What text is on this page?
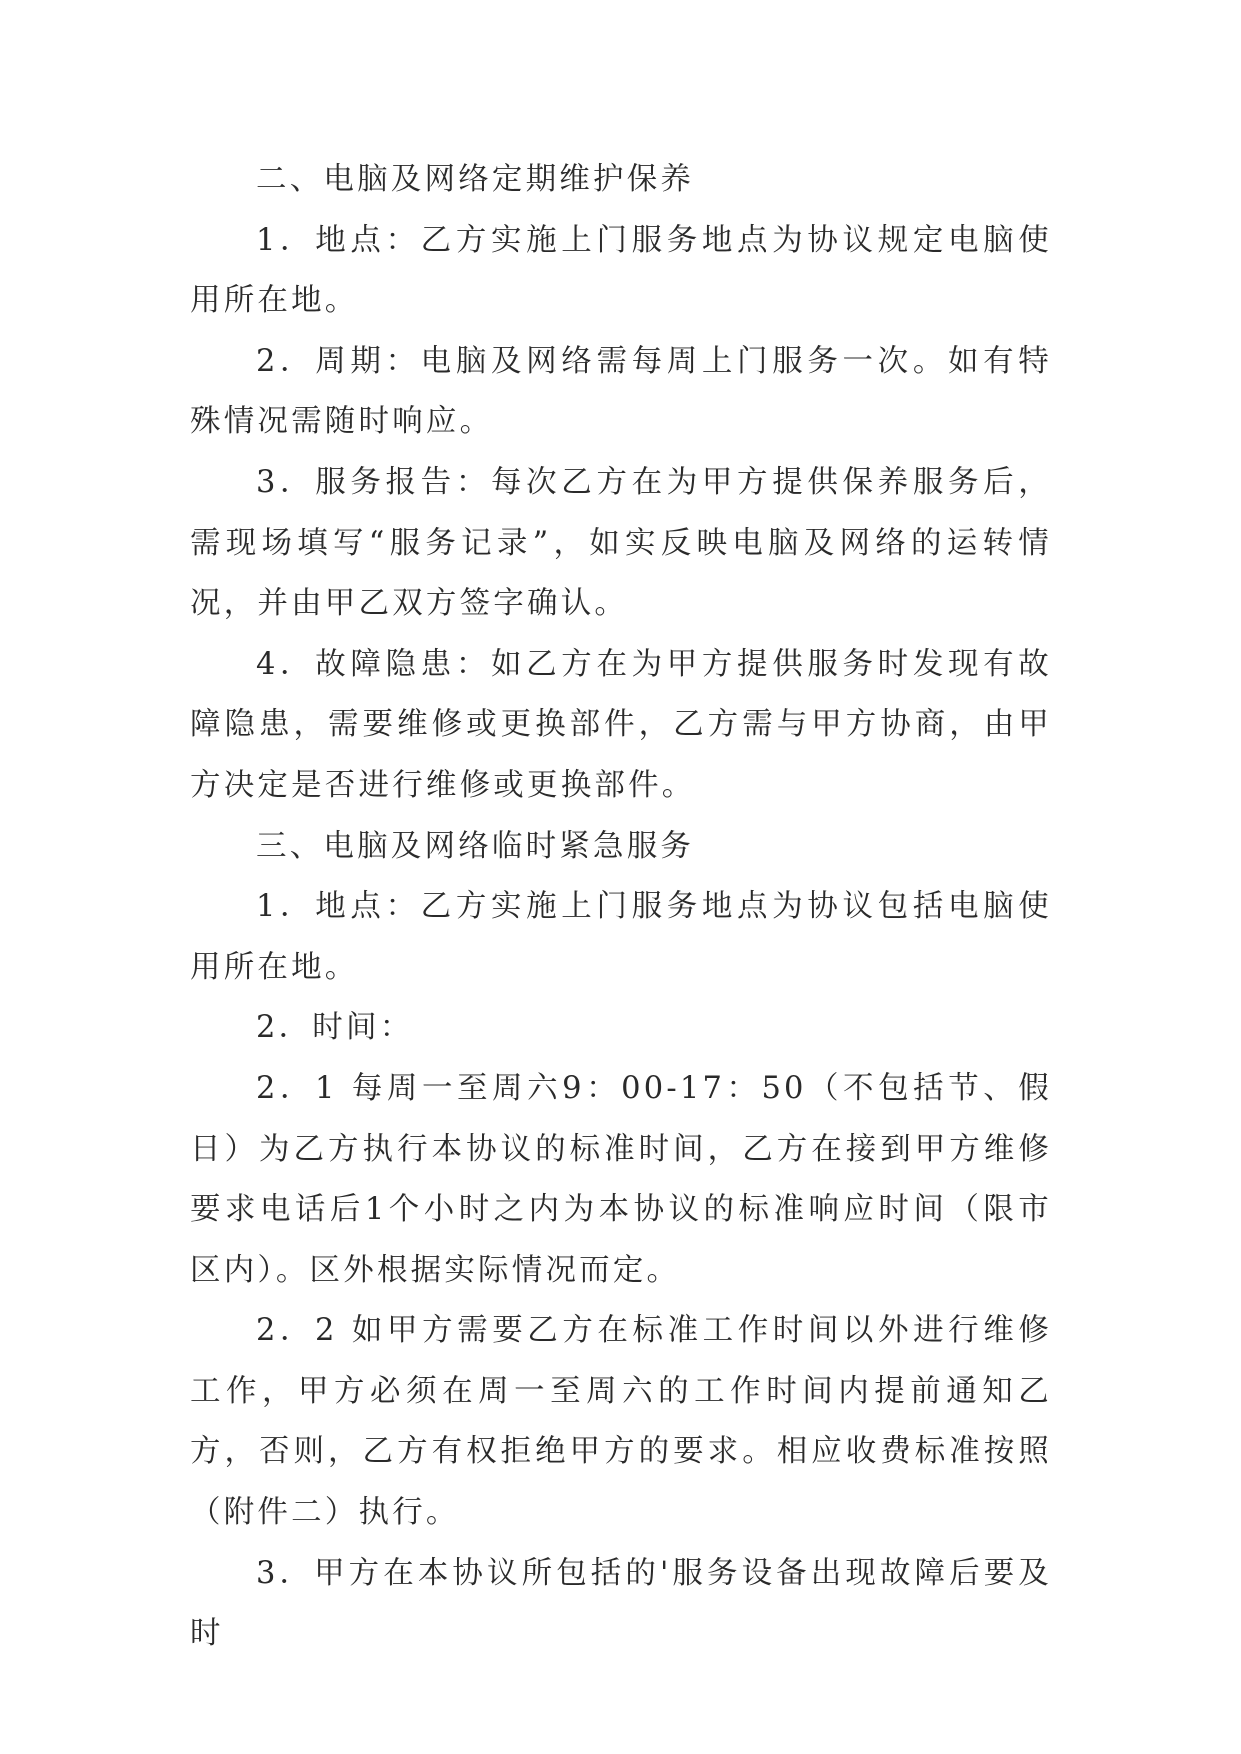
二、电脑及网络定期维护保养

1．地点：乙方实施上门服务地点为协议规定电脑使用所在地。

2．周期：电脑及网络需每周上门服务一次。如有特殊情况需随时响应。

3．服务报告：每次乙方在为甲方提供保养服务后，需现场填写“服务记录”，如实反映电脑及网络的运转情况，并由甲乙双方签字确认。

4．故障隐患：如乙方在为甲方提供服务时发现有故障隐患，需要维修或更换部件，乙方需与甲方协商，由甲方决定是否进行维修或更换部件。

三、电脑及网络临时紧急服务

1．地点：乙方实施上门服务地点为协议包括电脑使用所在地。

2．时间：

2．1 每周一至周六9：00-17：50（不包括节、假日）为乙方执行本协议的标准时间，乙方在接到甲方维修要求电话后1个小时之内为本协议的标准响应时间（限市区内）。区外根据实际情况而定。

2．2 如甲方需要乙方在标准工作时间以外进行维修工作，甲方必须在周一至周六的工作时间内提前通知乙方，否则，乙方有权拒绝甲方的要求。相应收费标准按照（附件二）执行。

3．甲方在本协议所包括的'服务设备出现故障后要及时
